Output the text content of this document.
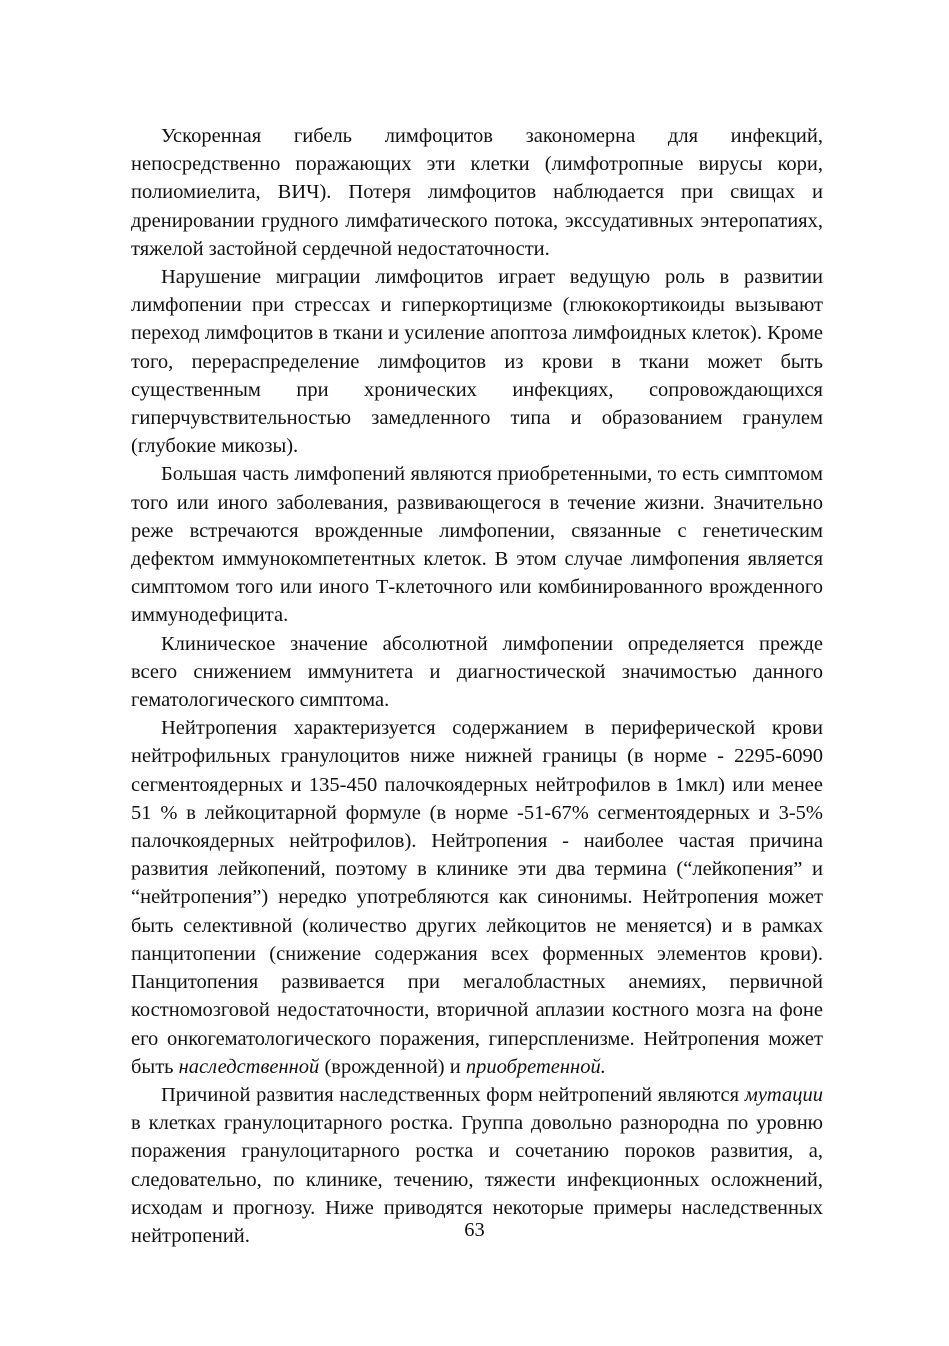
Ускоренная гибель лимфоцитов закономерна для инфекций, непосредственно поражающих эти клетки (лимфотропные вирусы кори, полиомиелита, ВИЧ). Потеря лимфоцитов наблюдается при свищах и дренировании грудного лимфатического потока, экссудативных энтеропатиях, тяжелой застойной сердечной недостаточности.

Нарушение миграции лимфоцитов играет ведущую роль в развитии лимфопении при стрессах и гиперкортицизме (глюкокортикоиды вызывают переход лимфоцитов в ткани и усиление апоптоза лимфоидных клеток). Кроме того, перераспределение лимфоцитов из крови в ткани может быть существенным при хронических инфекциях, сопровождающихся гиперчувствительностью замедленного типа и образованием гранулем (глубокие микозы).

Большая часть лимфопений являются приобретенными, то есть симптомом того или иного заболевания, развивающегося в течение жизни. Значительно реже встречаются врожденные лимфопении, связанные с генетическим дефектом иммунокомпетентных клеток. В этом случае лимфопения является симптомом того или иного Т-клеточного или комбинированного врожденного иммунодефицита.

Клиническое значение абсолютной лимфопении определяется прежде всего снижением иммунитета и диагностической значимостью данного гематологического симптома.

Нейтропения характеризуется содержанием в периферической крови нейтрофильных гранулоцитов ниже нижней границы (в норме - 2295-6090 сегментоядерных и 135-450 палочкоядерных нейтрофилов в 1мкл) или менее 51 % в лейкоцитарной формуле (в норме -51-67% сегментоядерных и 3-5% палочкоядерных нейтрофилов). Нейтропения - наиболее частая причина развития лейкопений, поэтому в клинике эти два термина (“лейкопения” и “нейтропения”) нередко употребляются как синонимы. Нейтропения может быть селективной (количество других лейкоцитов не меняется) и в рамках панцитопении (снижение содержания всех форменных элементов крови). Панцитопения развивается при мегалобластных анемиях, первичной костномозговой недостаточности, вторичной аплазии костного мозга на фоне его онкогематологического поражения, гиперспленизме. Нейтропения может быть наследственной (врожденной) и приобретенной.

Причиной развития наследственных форм нейтропений являются мутации в клетках гранулоцитарного ростка. Группа довольно разнородна по уровню поражения гранулоцитарного ростка и сочетанию пороков развития, а, следовательно, по клинике, течению, тяжести инфекционных осложнений, исходам и прогнозу. Ниже приводятся некоторые примеры наследственных нейтропений.	63
